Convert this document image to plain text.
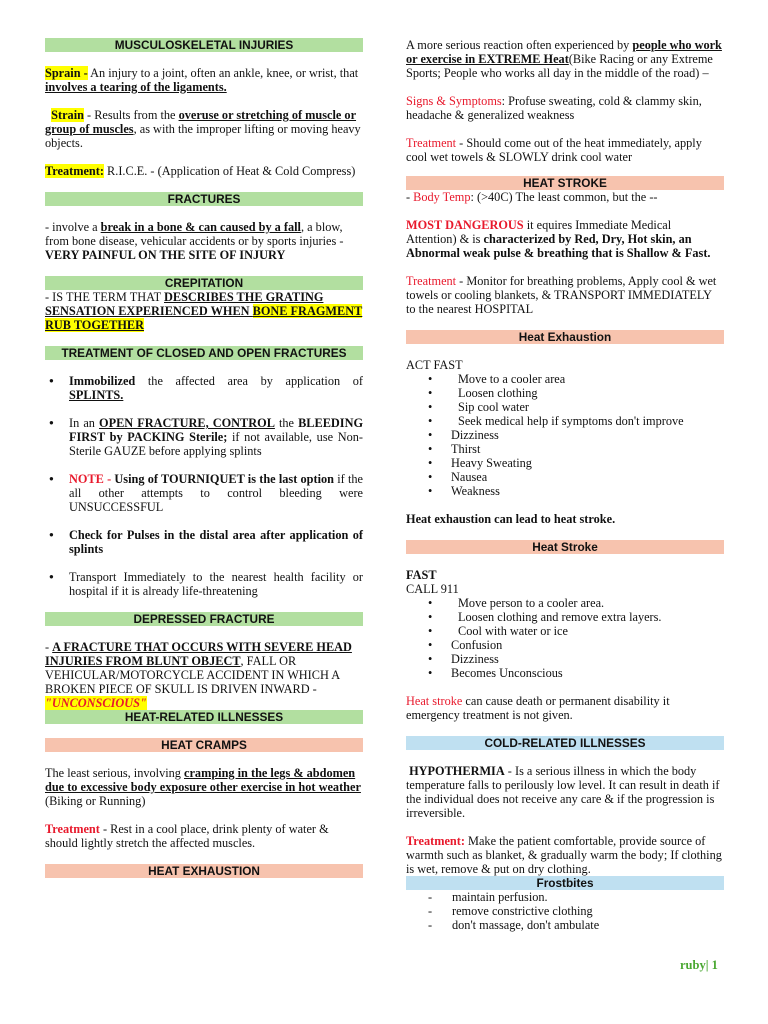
MUSCULOSKELETAL INJURIES

Sprain - An injury to a joint, often an ankle, knee, or wrist, that involves a tearing of the ligaments.

Strain - Results from the overuse or stretching of muscle or group of muscles, as with the improper lifting or moving heavy objects.

Treatment: R.I.C.E. - (Application of Heat & Cold Compress)

FRACTURES

- involve a break in a bone & can caused by a fall, a blow, from bone disease, vehicular accidents or by sports injuries - VERY PAINFUL ON THE SITE OF INJURY

CREPITATION

- IS THE TERM THAT DESCRIBES THE GRATING SENSATION EXPERIENCED WHEN BONE FRAGMENT RUB TOGETHER

TREATMENT OF CLOSED AND OPEN FRACTURES
● Immobilized the affected area by application of SPLINTS.
● In an OPEN FRACTURE, CONTROL the BLEEDING FIRST by PACKING Sterile; if not available, use Non-Sterile GAUZE before applying splints
● NOTE - Using of TOURNIQUET is the last option if the all other attempts to control bleeding were UNSUCCESSFUL
● Check for Pulses in the distal area after application of splints
● Transport Immediately to the nearest health facility or hospital if it is already life-threatening
DEPRESSED FRACTURE

- A FRACTURE THAT OCCURS WITH SEVERE HEAD INJURIES FROM BLUNT OBJECT, FALL OR VEHICULAR/MOTORCYCLE ACCIDENT IN WHICH A BROKEN PIECE OF SKULL IS DRIVEN INWARD - "UNCONSCIOUS"

HEAT-RELATED ILLNESSES
HEAT CRAMPS

The least serious, involving cramping in the legs & abdomen due to excessive body exposure other exercise in hot weather (Biking or Running)

Treatment - Rest in a cool place, drink plenty of water & should lightly stretch the affected muscles.

HEAT EXHAUSTION

A more serious reaction often experienced by people who work or exercise in EXTREME Heat(Bike Racing or any Extreme Sports; People who works all day in the middle of the road) –

Signs & Symptoms: Profuse sweating, cold & clammy skin, headache & generalized weakness

Treatment - Should come out of the heat immediately, apply cool wet towels & SLOWLY drink cool water

HEAT STROKE

- Body Temp: (>40C) The least common, but the --

MOST DANGEROUS it equires Immediate Medical Attention) & is characterized by Red, Dry, Hot skin, an Abnormal weak pulse & breathing that is Shallow & Fast.

Treatment - Monitor for breathing problems, Apply cool & wet towels or cooling blankets, & TRANSPORT IMMEDIATELY to the nearest HOSPITAL

Heat Exhaustion

ACT FAST

• Move to a cooler area
• Loosen clothing
• Sip cool water
• Seek medical help if symptoms don't improve
• Dizziness
• Thirst
• Heavy Sweating
• Nausea
• Weakness

Heat exhaustion can lead to heat stroke.

Heat Stroke

FAST

CALL 911

• Move person to a cooler area.
• Loosen clothing and remove extra layers.
• Cool with water or ice
• Confusion
• Dizziness
• Becomes Unconscious

Heat stroke can cause death or permanent disability it emergency treatment is not given.

COLD-RELATED ILLNESSES

HYPOTHERMIA - Is a serious illness in which the body temperature falls to perilously low level. It can result in death if the individual does not receive any care & if the progression is irreversible.

Treatment: Make the patient comfortable, provide source of warmth such as blanket, & gradually warm the body; If clothing is wet, remove & put on dry clothing.

Frostbites
- maintain perfusion.
- remove constrictive clothing
- don't massage, don't ambulate
ruby| 1
